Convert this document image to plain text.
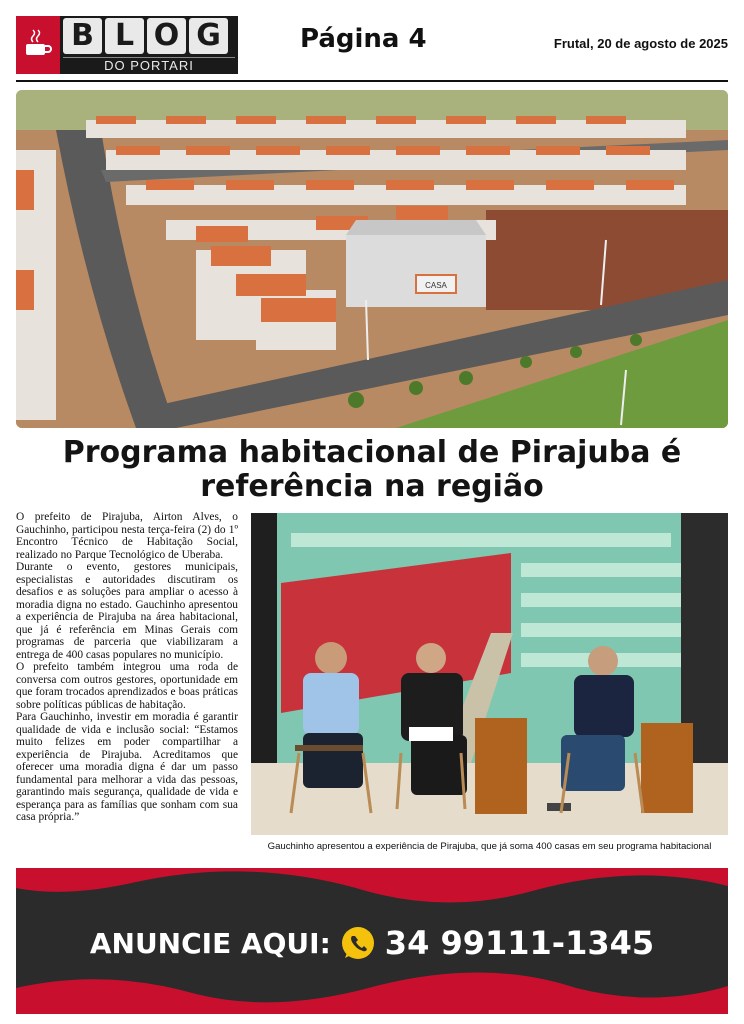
B L O G
DO PORTARI
Página 4	Frutal, 20 de agosto de 2025
CASA
Programa habitacional de Pirajuba é
referência na região

O prefeito de Pirajuba, Airton Alves, o Gauchinho, participou nesta terça-feira (2) do 1º Encontro Técnico de Habitação Social, realizado no Parque Tecnológico de Uberaba.

Durante o evento, gestores municipais, especialistas e autoridades discutiram os desafios e as soluções para ampliar o acesso à moradia digna no estado. Gauchinho apresentou a experiência de Pirajuba na área habitacional, que já é referência em Minas Gerais com programas de parceria que viabilizaram a entrega de 400 casas populares no município.

O prefeito também integrou uma roda de conversa com outros gestores, oportunidade em que foram trocados aprendizados e boas práticas sobre políticas públicas de habitação.

Para Gauchinho, investir em moradia é garantir qualidade de vida e inclusão social: “Estamos muito felizes em poder compartilhar a experiência de Pirajuba. Acreditamos que oferecer uma moradia digna é dar um passo fundamental para melhorar a vida das pessoas, garantindo mais segurança, qualidade de vida e esperança para as famílias que sonham com sua casa própria.”

Gauchinho apresentou a experiência de Pirajuba, que já soma 400 casas em seu programa habitacional
ANUNCIE AQUI: 34 99111-1345
